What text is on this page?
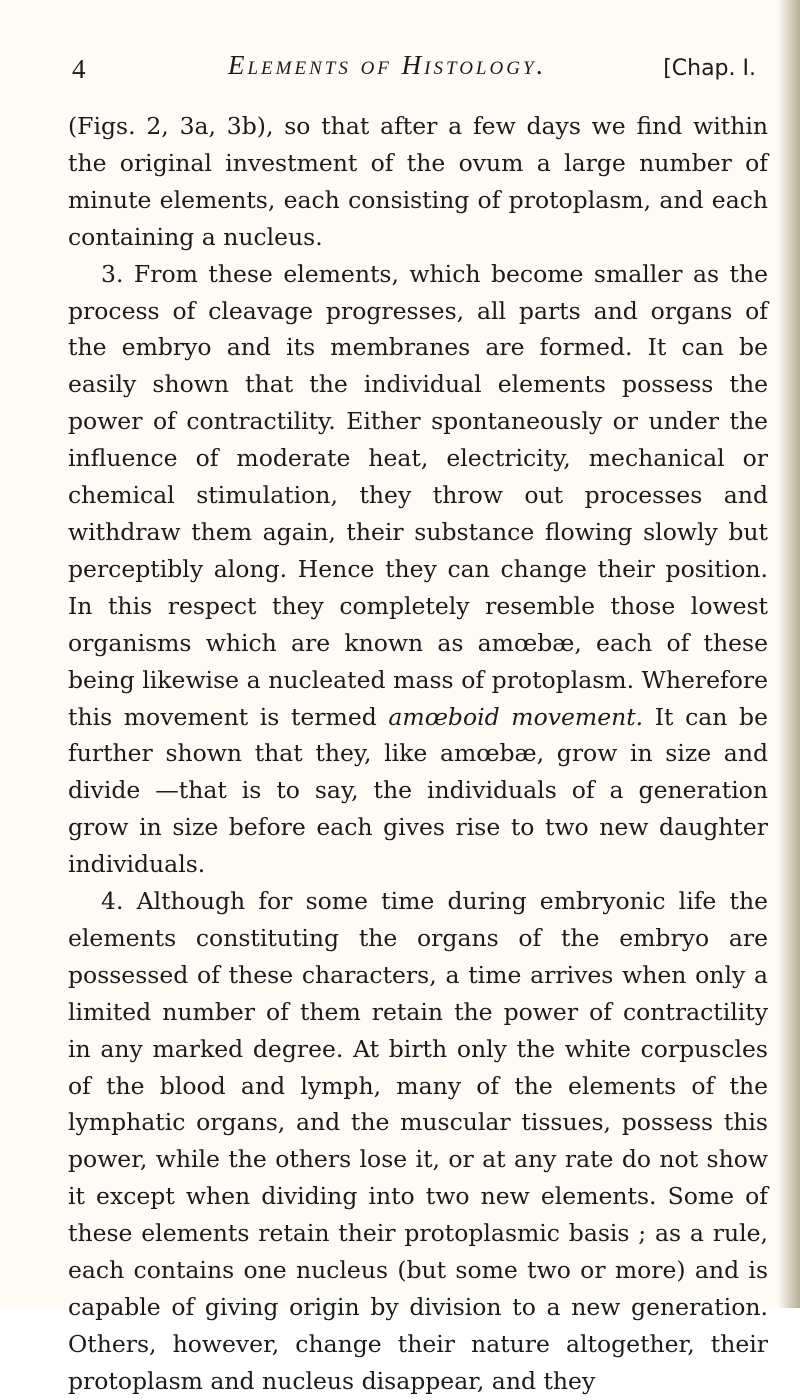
4	Elements of Histology.	[Chap. I.

(Figs. 2, 3a, 3b), so that after a few days we find within the original investment of the ovum a large number of minute elements, each consisting of protoplasm, and each containing a nucleus.

3. From these elements, which become smaller as the process of cleavage progresses, all parts and organs of the embryo and its membranes are formed. It can be easily shown that the individual elements possess the power of contractility. Either spontaneously or under the influence of moderate heat, electricity, mechanical or chemical stimulation, they throw out processes and withdraw them again, their substance flowing slowly but perceptibly along. Hence they can change their position. In this respect they completely resemble those lowest organisms which are known as amœbæ, each of these being likewise a nucleated mass of protoplasm. Wherefore this movement is termed amœboid movement. It can be further shown that they, like amœbæ, grow in size and divide —that is to say, the individuals of a generation grow in size before each gives rise to two new daughter individuals.

4. Although for some time during embryonic life the elements constituting the organs of the embryo are possessed of these characters, a time arrives when only a limited number of them retain the power of contractility in any marked degree. At birth only the white corpuscles of the blood and lymph, many of the elements of the lymphatic organs, and the muscular tissues, possess this power, while the others lose it, or at any rate do not show it except when dividing into two new elements. Some of these elements retain their protoplasmic basis ; as a rule, each contains one nucleus (but some two or more) and is capable of giving origin by division to a new generation. Others, however, change their nature altogether, their protoplasm and nucleus disappear, and they
